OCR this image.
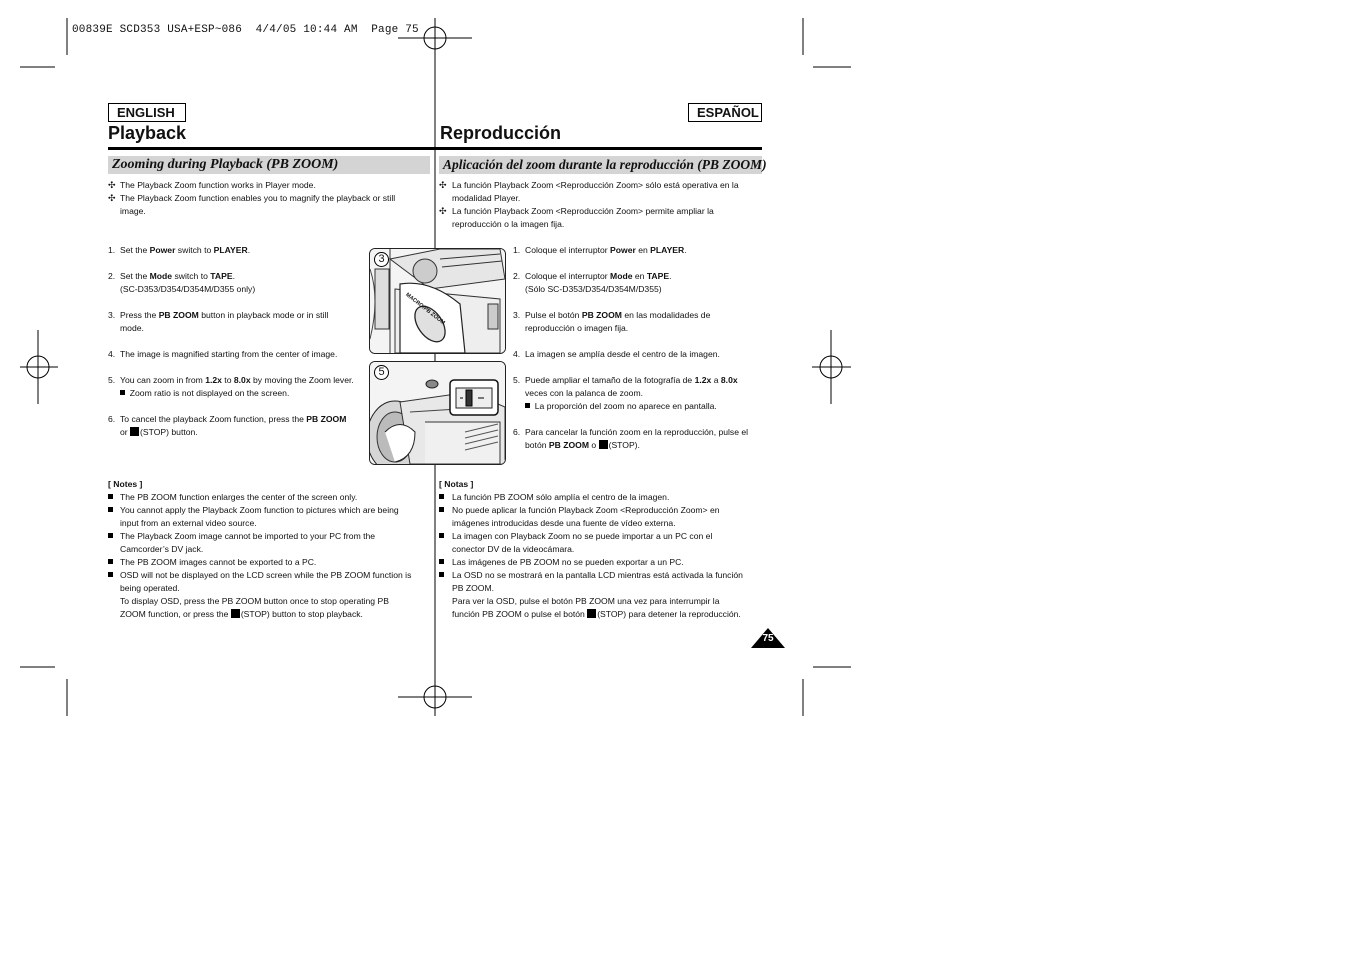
00839E SCD353 USA+ESP~086  4/4/05 10:44 AM  Page 75
ENGLISH	ESPAÑOL
Playback	Reproducción
Zooming during Playback (PB ZOOM)	Aplicación del zoom durante la reproducción (PB ZOOM)
✣ The Playback Zoom function works in Player mode.
✣ The Playback Zoom function enables you to magnify the playback or still
image.
1. Set the Power switch to PLAYER.
2. Set the Mode switch to TAPE.
(SC-D353/D354/D354M/D355 only)
3. Press the PB ZOOM button in playback mode or in still
mode.
4. The image is magnified starting from the center of image.
5. You can zoom in from 1.2x to 8.0x by moving the Zoom lever.
Zoom ratio is not displayed on the screen.
6. To cancel the playback Zoom function, press the PB ZOOM
or (STOP) button.
3
MACRO/PB ZOOM
5
[ Notes ]
The PB ZOOM function enlarges the center of the screen only.
You cannot apply the Playback Zoom function to pictures which are being
input from an external video source.
The Playback Zoom image cannot be imported to your PC from the
Camcorder’s DV jack.
The PB ZOOM images cannot be exported to a PC.
OSD will not be displayed on the LCD screen while the PB ZOOM function is
being operated.
To display OSD, press the PB ZOOM button once to stop operating PB
ZOOM function, or press the (STOP) button to stop playback.
✣ La función Playback Zoom <Reproducción Zoom> sólo está operativa en la
modalidad Player.
✣ La función Playback Zoom <Reproducción Zoom> permite ampliar la
reproducción o la imagen fija.
1. Coloque el interruptor Power en PLAYER.
2. Coloque el interruptor Mode en TAPE.
(Sólo SC-D353/D354/D354M/D355)
3. Pulse el botón PB ZOOM en las modalidades de
reproducción o imagen fija.
4. La imagen se amplía desde el centro de la imagen.
5. Puede ampliar el tamaño de la fotografía de 1.2x a 8.0x
veces con la palanca de zoom.
La proporción del zoom no aparece en pantalla.
6. Para cancelar la función zoom en la reproducción, pulse el
botón PB ZOOM o (STOP).
[ Notas ]
La función PB ZOOM sólo amplía el centro de la imagen.
No puede aplicar la función Playback Zoom <Reproducción Zoom> en
imágenes introducidas desde una fuente de vídeo externa.
La imagen con Playback Zoom no se puede importar a un PC con el
conector DV de la videocámara.
Las imágenes de PB ZOOM no se pueden exportar a un PC.
La OSD no se mostrará en la pantalla LCD mientras está activada la función
PB ZOOM.
Para ver la OSD, pulse el botón PB ZOOM una vez para interrumpir la
función PB ZOOM o pulse el botón (STOP) para detener la reproducción.
75
